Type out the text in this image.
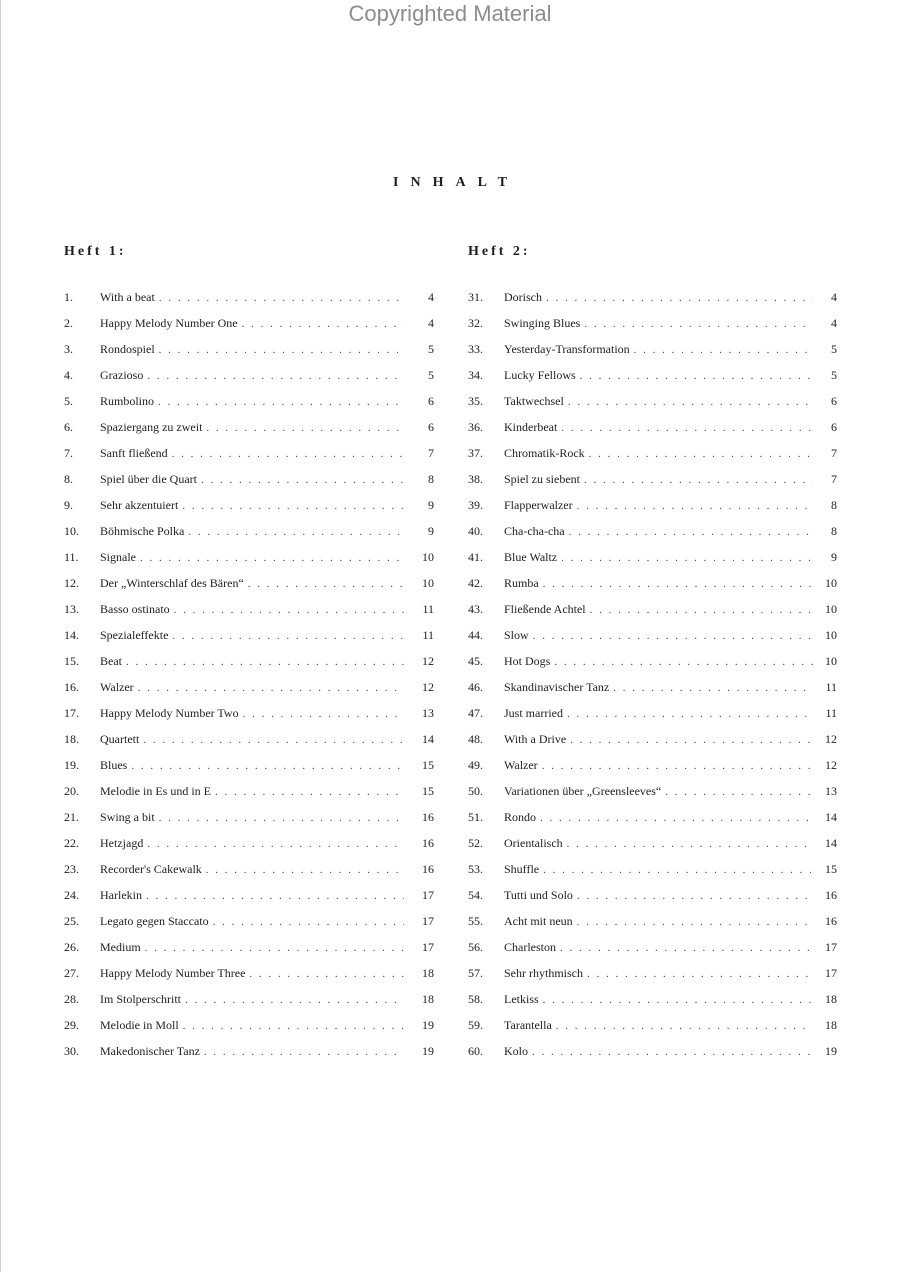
Copyrighted Material
INHALT
Heft 1:
1.	With a beat . . .	4
2.	Happy Melody Number One . . .	4
3.	Rondospiel . . .	5
4.	Grazioso . . .	5
5.	Rumbolino . . .	6
6.	Spaziergang zu zweit . . .	6
7.	Sanft fließend . . .	7
8.	Spiel über die Quart . . .	8
9.	Sehr akzentuiert . . .	9
10.	Böhmische Polka . . .	9
11.	Signale . . .	10
12.	Der „Winterschlaf des Bären“ . . .	10
13.	Basso ostinato . . .	11
14.	Spezialeffekte . . .	11
15.	Beat . . .	12
16.	Walzer . . .	12
17.	Happy Melody Number Two . . .	13
18.	Quartett . . .	14
19.	Blues . . .	15
20.	Melodie in Es und in E . . .	15
21.	Swing a bit . . .	16
22.	Hetzjagd . . .	16
23.	Recorder's Cakewalk . . .	16
24.	Harlekin . . .	17
25.	Legato gegen Staccato . . .	17
26.	Medium . . .	17
27.	Happy Melody Number Three . . .	18
28.	Im Stolperschritt . . .	18
29.	Melodie in Moll . . .	19
30.	Makedonischer Tanz . . .	19
Heft 2:
31.	Dorisch . . .	4
32.	Swinging Blues . . .	4
33.	Yesterday-Transformation . . .	5
34.	Lucky Fellows . . .	5
35.	Taktwechsel . . .	6
36.	Kinderbeat . . .	6
37.	Chromatik-Rock . . .	7
38.	Spiel zu siebent . . .	7
39.	Flapperwalzer . . .	8
40.	Cha-cha-cha . . .	8
41.	Blue Waltz . . .	9
42.	Rumba . . .	10
43.	Fließende Achtel . . .	10
44.	Slow . . .	10
45.	Hot Dogs . . .	10
46.	Skandinavischer Tanz . . .	11
47.	Just married . . .	11
48.	With a Drive . . .	12
49.	Walzer . . .	12
50.	Variationen über „Greensleeves“ . . .	13
51.	Rondo . . .	14
52.	Orientalisch . . .	14
53.	Shuffle . . .	15
54.	Tutti und Solo . . .	16
55.	Acht mit neun . . .	16
56.	Charleston . . .	17
57.	Sehr rhythmisch . . .	17
58.	Letkiss . . .	18
59.	Tarantella . . .	18
60.	Kolo . . .	19
